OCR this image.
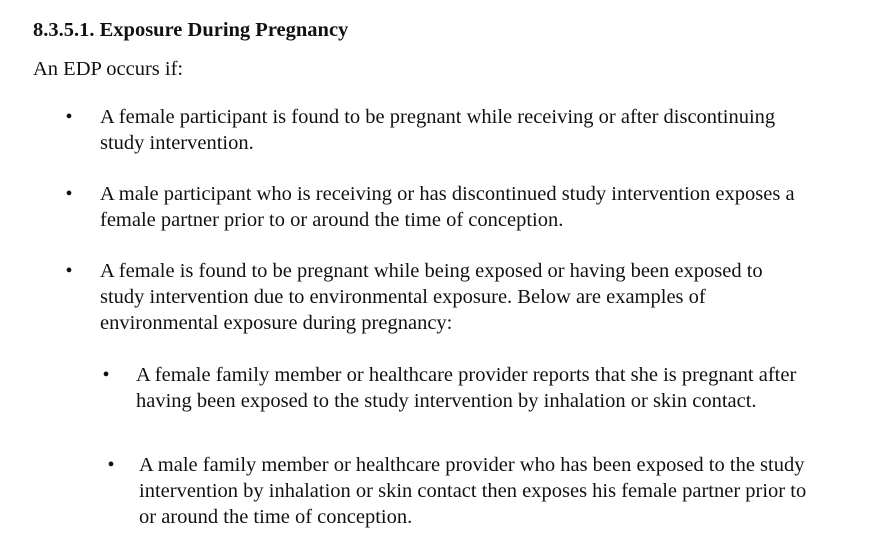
8.3.5.1. Exposure During Pregnancy

An EDP occurs if:

•	A female participant is found to be pregnant while receiving or after discontinuing
study intervention.

•	A male participant who is receiving or has discontinued study intervention exposes a
female partner prior to or around the time of conception.

•	A female is found to be pregnant while being exposed or having been exposed to
study intervention due to environmental exposure. Below are examples of
environmental exposure during pregnancy:

•	A female family member or healthcare provider reports that she is pregnant after
having been exposed to the study intervention by inhalation or skin contact.

•	A male family member or healthcare provider who has been exposed to the study
intervention by inhalation or skin contact then exposes his female partner prior to
or around the time of conception.
